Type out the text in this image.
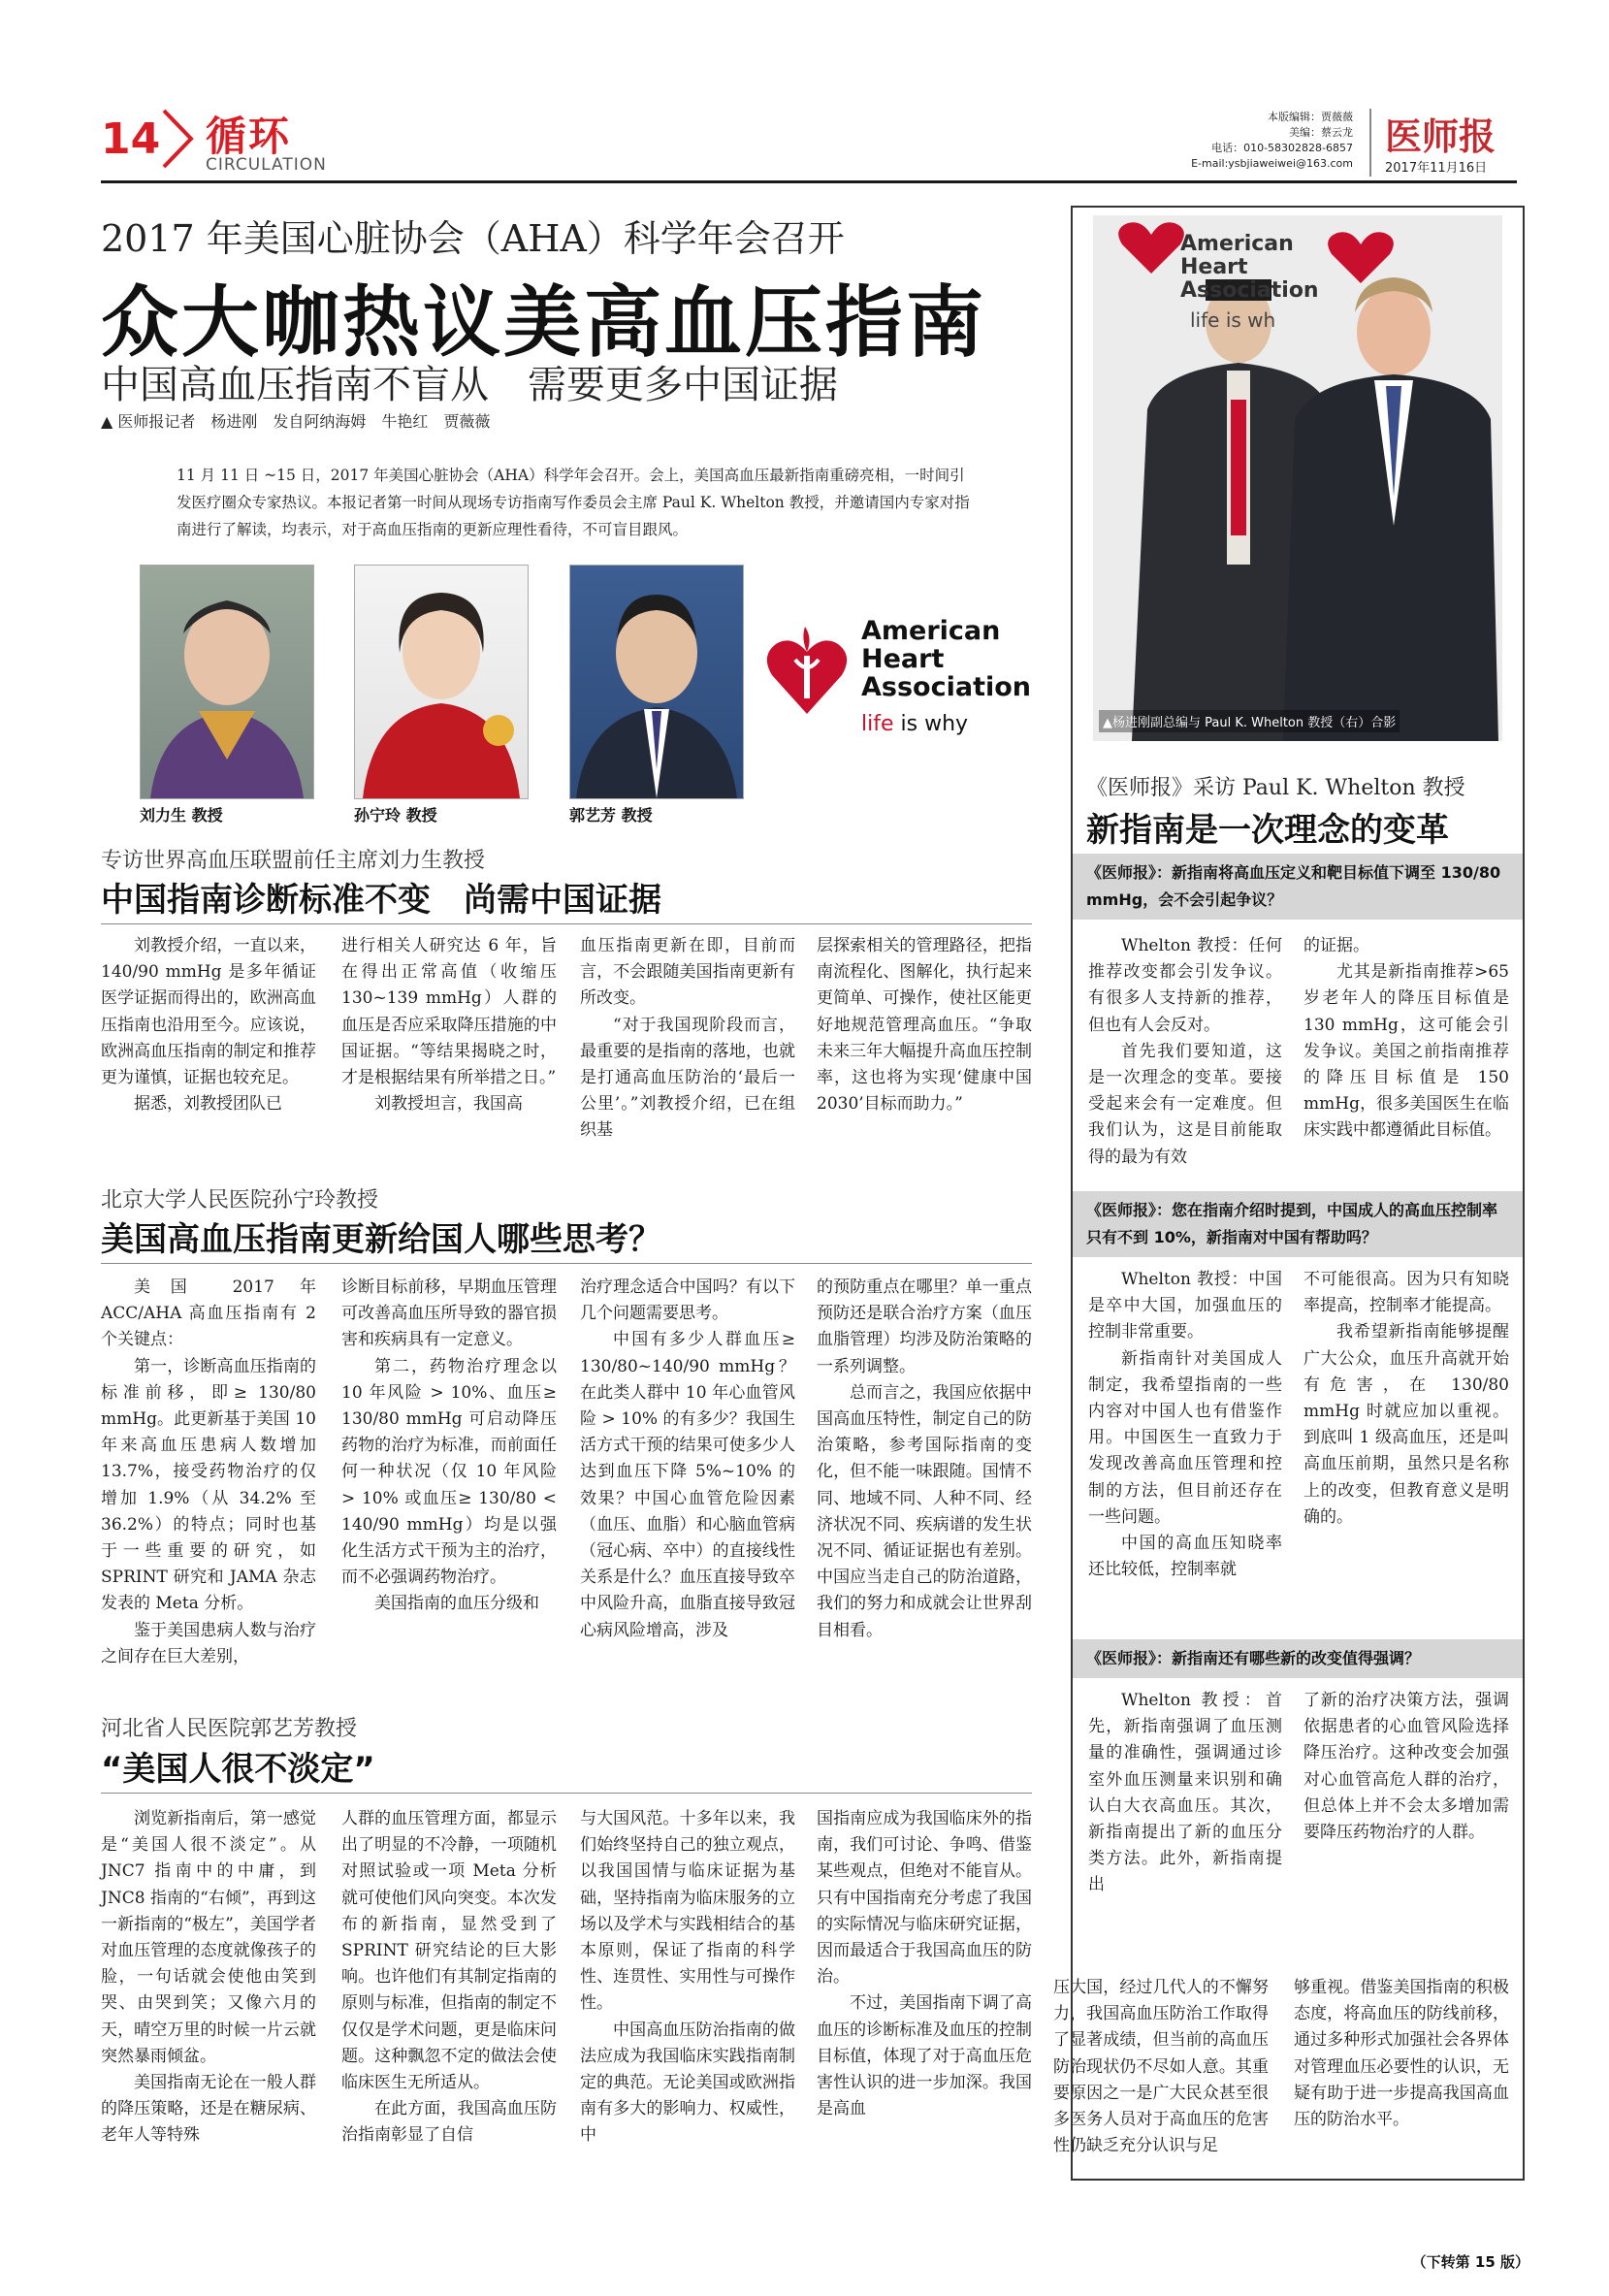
14 循环
CIRCULATION
本版编辑：贾薇薇
美编：蔡云龙
电话：010-58302828-6857
E-mail:ysbjiaweiwei@163.com
医师报
2017年11月16日
2017 年美国心脏协会（AHA）科学年会召开
众大咖热议美高血压指南
中国高血压指南不盲从　需要更多中国证据
▲ 医师报记者　杨进刚　发自阿纳海姆　牛艳红　贾薇薇
11 月 11 日 ~15 日，2017 年美国心脏协会（AHA）科学年会召开。会上，美国高血压最新指南重磅亮相，一时间引发医疗圈众专家热议。本报记者第一时间从现场专访指南写作委员会主席 Paul K. Whelton 教授，并邀请国内专家对指南进行了解读，均表示，对于高血压指南的更新应理性看待，不可盲目跟风。
刘力生 教授	孙宁玲 教授	郭艺芳 教授
American
Heart
Association
life is why
专访世界高血压联盟前任主席刘力生教授
中国指南诊断标准不变　尚需中国证据

刘教授介绍，一直以来，140/90 mmHg 是多年循证医学证据而得出的，欧洲高血压指南也沿用至今。应该说，欧洲高血压指南的制定和推荐更为谨慎，证据也较充足。

据悉，刘教授团队已

进行相关人研究达 6 年，旨在得出正常高值（收缩压 130~139 mmHg）人群的血压是否应采取降压措施的中国证据。“等结果揭晓之时，才是根据结果有所举措之日。”

刘教授坦言，我国高

血压指南更新在即，目前而言，不会跟随美国指南更新有所改变。

“对于我国现阶段而言，最重要的是指南的落地，也就是打通高血压防治的‘最后一公里’。”刘教授介绍，已在组织基

层探索相关的管理路径，把指南流程化、图解化，执行起来更简单、可操作，使社区能更好地规范管理高血压。“争取未来三年大幅提升高血压控制率，这也将为实现‘健康中国 2030’目标而助力。”

北京大学人民医院孙宁玲教授
美国高血压指南更新给国人哪些思考？

美国 2017 年 ACC/AHA 高血压指南有 2 个关键点：

第一，诊断高血压指南的标准前移，即≥ 130/80 mmHg。此更新基于美国 10 年来高血压患病人数增加 13.7%，接受药物治疗的仅增加 1.9%（从 34.2% 至 36.2%）的特点；同时也基于一些重要的研究，如 SPRINT 研究和 JAMA 杂志发表的 Meta 分析。

鉴于美国患病人数与治疗之间存在巨大差别，

诊断目标前移，早期血压管理可改善高血压所导致的器官损害和疾病具有一定意义。

第二，药物治疗理念以 10 年风险 > 10%、血压≥ 130/80 mmHg 可启动降压药物的治疗为标准，而前面任何一种状况（仅 10 年风险 > 10% 或血压≥ 130/80 < 140/90 mmHg）均是以强化生活方式干预为主的治疗，而不必强调药物治疗。

美国指南的血压分级和

治疗理念适合中国吗？有以下几个问题需要思考。

中国有多少人群血压≥ 130/80~140/90 mmHg？在此类人群中 10 年心血管风险 > 10% 的有多少？我国生活方式干预的结果可使多少人达到血压下降 5%~10% 的效果？中国心血管危险因素（血压、血脂）和心脑血管病（冠心病、卒中）的直接线性关系是什么？血压直接导致卒中风险升高，血脂直接导致冠心病风险增高，涉及

的预防重点在哪里？单一重点预防还是联合治疗方案（血压血脂管理）均涉及防治策略的一系列调整。

总而言之，我国应依据中国高血压特性，制定自己的防治策略，参考国际指南的变化，但不能一味跟随。国情不同、地域不同、人种不同、经济状况不同、疾病谱的发生状况不同、循证证据也有差别。中国应当走自己的防治道路，我们的努力和成就会让世界刮目相看。

河北省人民医院郭艺芳教授
“美国人很不淡定”

浏览新指南后，第一感觉是“美国人很不淡定”。从 JNC7 指南中的中庸，到 JNC8 指南的“右倾”，再到这一新指南的“极左”，美国学者对血压管理的态度就像孩子的脸，一句话就会使他由笑到哭、由哭到笑；又像六月的天，晴空万里的时候一片云就突然暴雨倾盆。

美国指南无论在一般人群的降压策略，还是在糖尿病、老年人等特殊

人群的血压管理方面，都显示出了明显的不冷静，一项随机对照试验或一项 Meta 分析就可使他们风向突变。本次发布的新指南，显然受到了 SPRINT 研究结论的巨大影响。也许他们有其制定指南的原则与标准，但指南的制定不仅仅是学术问题，更是临床问题。这种飘忽不定的做法会使临床医生无所适从。

在此方面，我国高血压防治指南彰显了自信

与大国风范。十多年以来，我们始终坚持自己的独立观点，以我国国情与临床证据为基础，坚持指南为临床服务的立场以及学术与实践相结合的基本原则，保证了指南的科学性、连贯性、实用性与可操作性。

中国高血压防治指南的做法应成为我国临床实践指南制定的典范。无论美国或欧洲指南有多大的影响力、权威性，中

国指南应成为我国临床外的指南，我们可讨论、争鸣、借鉴某些观点，但绝对不能盲从。只有中国指南充分考虑了我国的实际情况与临床研究证据，因而最适合于我国高血压的防治。

不过，美国指南下调了高血压的诊断标准及血压的控制目标值，体现了对于高血压危害性认识的进一步加深。我国是高血

压大国，经过几代人的不懈努力，我国高血压防治工作取得了显著成绩，但当前的高血压防治现状仍不尽如人意。其重要原因之一是广大民众甚至很多医务人员对于高血压的危害性仍缺乏充分认识与足

够重视。借鉴美国指南的积极态度，将高血压的防线前移，通过多种形式加强社会各界体对管理血压必要性的认识，无疑有助于进一步提高我国高血压的防治水平。

（下转第 15 版）
American
Heart
Association
life is wh
▲杨进刚副总编与 Paul K. Whelton 教授（右）合影
《医师报》采访 Paul K. Whelton 教授
新指南是一次理念的变革
《医师报》：新指南将高血压定义和靶目标值下调至 130/80 mmHg，会不会引起争议？

Whelton 教授：任何推荐改变都会引发争议。有很多人支持新的推荐，但也有人会反对。

首先我们要知道，这是一次理念的变革。要接受起来会有一定难度。但我们认为，这是目前能取得的最为有效

的证据。

尤其是新指南推荐>65 岁老年人的降压目标值是 130 mmHg，这可能会引发争议。美国之前指南推荐的降压目标值是 150 mmHg，很多美国医生在临床实践中都遵循此目标值。

《医师报》：您在指南介绍时提到，中国成人的高血压控制率只有不到 10%，新指南对中国有帮助吗？

Whelton 教授：中国是卒中大国，加强血压的控制非常重要。

新指南针对美国成人制定，我希望指南的一些内容对中国人也有借鉴作用。中国医生一直致力于发现改善高血压管理和控制的方法，但目前还存在一些问题。

中国的高血压知晓率还比较低，控制率就

不可能很高。因为只有知晓率提高，控制率才能提高。

我希望新指南能够提醒广大公众，血压升高就开始有危害，在 130/80 mmHg 时就应加以重视。到底叫 1 级高血压，还是叫高血压前期，虽然只是名称上的改变，但教育意义是明确的。

《医师报》：新指南还有哪些新的改变值得强调？

Whelton 教授：首先，新指南强调了血压测量的准确性，强调通过诊室外血压测量来识别和确认白大衣高血压。其次，新指南提出了新的血压分类方法。此外，新指南提出

了新的治疗决策方法，强调依据患者的心血管风险选择降压治疗。这种改变会加强对心血管高危人群的治疗，但总体上并不会太多增加需要降压药物治疗的人群。
